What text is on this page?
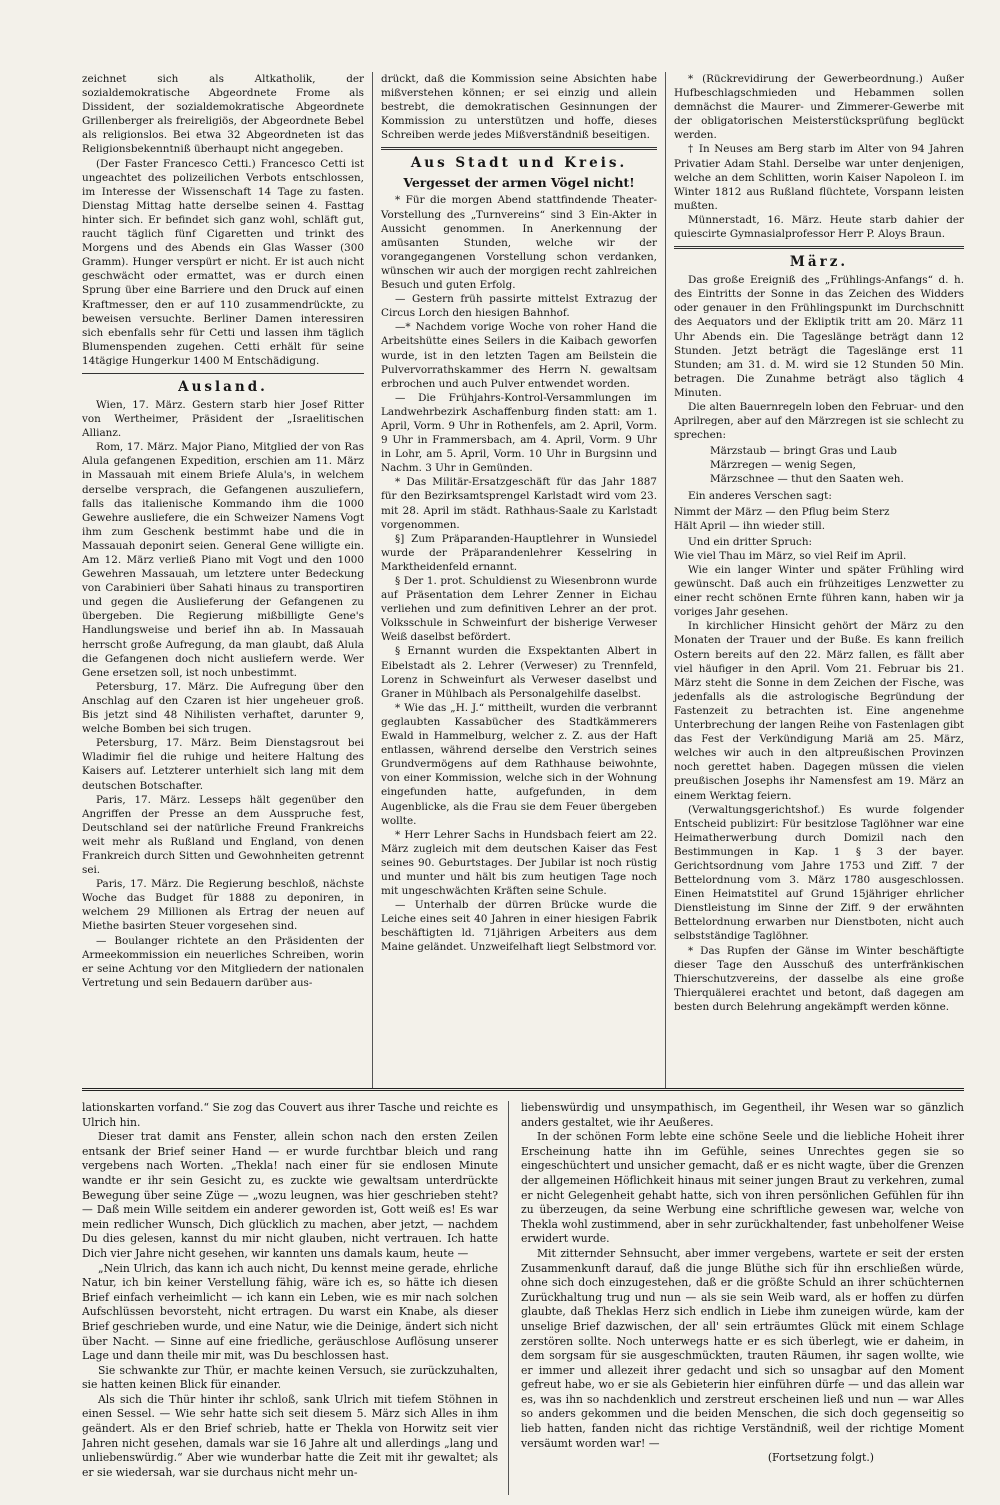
zeichnet sich als Altkatholik, der sozialdemokratische Abgeordnete Frome als Dissident, der sozialdemokratische Abgeordnete Grillenberger als freireligiös, der Abgeordnete Bebel als religionslos. Bei etwa 32 Abgeordneten ist das Religionsbekenntniß überhaupt nicht angegeben.

(Der Faster Francesco Cetti.) Francesco Cetti ist ungeachtet des polizeilichen Verbots entschlossen, im Interesse der Wissenschaft 14 Tage zu fasten. Dienstag Mittag hatte derselbe seinen 4. Fasttag hinter sich. Er befindet sich ganz wohl, schläft gut, raucht täglich fünf Cigaretten und trinkt des Morgens und des Abends ein Glas Wasser (300 Gramm). Hunger verspürt er nicht. Er ist auch nicht geschwächt oder ermattet, was er durch einen Sprung über eine Barriere und den Druck auf einen Kraftmesser, den er auf 110 zusammendrückte, zu beweisen versuchte. Berliner Damen interessiren sich ebenfalls sehr für Cetti und lassen ihm täglich Blumenspenden zugehen. Cetti erhält für seine 14tägige Hungerkur 1400 M Entschädigung.

Ausland.

Wien, 17. März. Gestern starb hier Josef Ritter von Wertheimer, Präsident der „Israelitischen Allianz.

Rom, 17. März. Major Piano, Mitglied der von Ras Alula gefangenen Expedition, erschien am 11. März in Massauah mit einem Briefe Alula's, in welchem derselbe versprach, die Gefangenen auszuliefern, falls das italienische Kommando ihm die 1000 Gewehre ausliefere, die ein Schweizer Namens Vogt ihm zum Geschenk bestimmt habe und die in Massauah deponirt seien. General Gene willigte ein. Am 12. März verließ Piano mit Vogt und den 1000 Gewehren Massauah, um letztere unter Bedeckung von Carabinieri über Sahati hinaus zu transportiren und gegen die Auslieferung der Gefangenen zu übergeben. Die Regierung mißbilligte Gene's Handlungsweise und berief ihn ab. In Massauah herrscht große Aufregung, da man glaubt, daß Alula die Gefangenen doch nicht ausliefern werde. Wer Gene ersetzen soll, ist noch unbestimmt.

Petersburg, 17. März. Die Aufregung über den Anschlag auf den Czaren ist hier ungeheuer groß. Bis jetzt sind 48 Nihilisten verhaftet, darunter 9, welche Bomben bei sich trugen.

Petersburg, 17. März. Beim Dienstagsrout bei Wladimir fiel die ruhige und heitere Haltung des Kaisers auf. Letzterer unterhielt sich lang mit dem deutschen Botschafter.

Paris, 17. März. Lesseps hält gegenüber den Angriffen der Presse an dem Ausspruche fest, Deutschland sei der natürliche Freund Frankreichs weit mehr als Rußland und England, von denen Frankreich durch Sitten und Gewohnheiten getrennt sei.

Paris, 17. März. Die Regierung beschloß, nächste Woche das Budget für 1888 zu deponiren, in welchem 29 Millionen als Ertrag der neuen auf Miethe basirten Steuer vorgesehen sind.

— Boulanger richtete an den Präsidenten der Armeekommission ein neuerliches Schreiben, worin er seine Achtung vor den Mitgliedern der nationalen Vertretung und sein Bedauern darüber aus-

drückt, daß die Kommission seine Absichten habe mißverstehen können; er sei einzig und allein bestrebt, die demokratischen Gesinnungen der Kommission zu unterstützen und hoffe, dieses Schreiben werde jedes Mißverständniß beseitigen.

Aus Stadt und Kreis.
Vergesset der armen Vögel nicht!

* Für die morgen Abend stattfindende Theater-Vorstellung des „Turnvereins“ sind 3 Ein-Akter in Aussicht genommen. In Anerkennung der amüsanten Stunden, welche wir der vorangegangenen Vorstellung schon verdanken, wünschen wir auch der morgigen recht zahlreichen Besuch und guten Erfolg.

— Gestern früh passirte mittelst Extrazug der Circus Lorch den hiesigen Bahnhof.

—* Nachdem vorige Woche von roher Hand die Arbeitshütte eines Seilers in die Kaibach geworfen wurde, ist in den letzten Tagen am Beilstein die Pulvervorrathskammer des Herrn N. gewaltsam erbrochen und auch Pulver entwendet worden.

— Die Frühjahrs-Kontrol-Versammlungen im Landwehrbezirk Aschaffenburg finden statt: am 1. April, Vorm. 9 Uhr in Rothenfels, am 2. April, Vorm. 9 Uhr in Frammersbach, am 4. April, Vorm. 9 Uhr in Lohr, am 5. April, Vorm. 10 Uhr in Burgsinn und Nachm. 3 Uhr in Gemünden.

* Das Militär-Ersatzgeschäft für das Jahr 1887 für den Bezirksamtsprengel Karlstadt wird vom 23. mit 28. April im städt. Rathhaus-Saale zu Karlstadt vorgenommen.

§] Zum Präparanden-Hauptlehrer in Wunsiedel wurde der Präparandenlehrer Kesselring in Marktheidenfeld ernannt.

§ Der 1. prot. Schuldienst zu Wiesenbronn wurde auf Präsentation dem Lehrer Zenner in Eichau verliehen und zum definitiven Lehrer an der prot. Volksschule in Schweinfurt der bisherige Verweser Weiß daselbst befördert.

§ Ernannt wurden die Exspektanten Albert in Eibelstadt als 2. Lehrer (Verweser) zu Trennfeld, Lorenz in Schweinfurt als Verweser daselbst und Graner in Mühlbach als Personalgehilfe daselbst.

* Wie das „H. J.“ mittheilt, wurden die verbrannt geglaubten Kassabücher des Stadtkämmerers Ewald in Hammelburg, welcher z. Z. aus der Haft entlassen, während derselbe den Verstrich seines Grundvermögens auf dem Rathhause beiwohnte, von einer Kommission, welche sich in der Wohnung eingefunden hatte, aufgefunden, in dem Augenblicke, als die Frau sie dem Feuer übergeben wollte.

* Herr Lehrer Sachs in Hundsbach feiert am 22. März zugleich mit dem deutschen Kaiser das Fest seines 90. Geburtstages. Der Jubilar ist noch rüstig und munter und hält bis zum heutigen Tage noch mit ungeschwächten Kräften seine Schule.

— Unterhalb der dürren Brücke wurde die Leiche eines seit 40 Jahren in einer hiesigen Fabrik beschäftigten ld. 71jährigen Arbeiters aus dem Maine geländet. Unzweifelhaft liegt Selbstmord vor.

* (Rückrevidirung der Gewerbeordnung.) Außer Hufbeschlagschmieden und Hebammen sollen demnächst die Maurer- und Zimmerer-Gewerbe mit der obligatorischen Meisterstücksprüfung beglückt werden.

† In Neuses am Berg starb im Alter von 94 Jahren Privatier Adam Stahl. Derselbe war unter denjenigen, welche an dem Schlitten, worin Kaiser Napoleon I. im Winter 1812 aus Rußland flüchtete, Vorspann leisten mußten.

Münnerstadt, 16. März. Heute starb dahier der quiescirte Gymnasialprofessor Herr P. Aloys Braun.

März.

Das große Ereigniß des „Frühlings-Anfangs“ d. h. des Eintritts der Sonne in das Zeichen des Widders oder genauer in den Frühlingspunkt im Durchschnitt des Aequators und der Ekliptik tritt am 20. März 11 Uhr Abends ein. Die Tageslänge beträgt dann 12 Stunden. Jetzt beträgt die Tageslänge erst 11 Stunden; am 31. d. M. wird sie 12 Stunden 50 Min. betragen. Die Zunahme beträgt also täglich 4 Minuten.

Die alten Bauernregeln loben den Februar- und den Aprilregen, aber auf den Märzregen ist sie schlecht zu sprechen:

Märzstaub — bringt Gras und Laub

Märzregen — wenig Segen,

Märzschnee — thut den Saaten weh.

Ein anderes Verschen sagt:

Nimmt der März — den Pflug beim Sterz

Hält April — ihn wieder still.

Und ein dritter Spruch:

Wie viel Thau im März, so viel Reif im April.

Wie ein langer Winter und später Frühling wird gewünscht. Daß auch ein frühzeitiges Lenzwetter zu einer recht schönen Ernte führen kann, haben wir ja voriges Jahr gesehen.

In kirchlicher Hinsicht gehört der März zu den Monaten der Trauer und der Buße. Es kann freilich Ostern bereits auf den 22. März fallen, es fällt aber viel häufiger in den April. Vom 21. Februar bis 21. März steht die Sonne in dem Zeichen der Fische, was jedenfalls als die astrologische Begründung der Fastenzeit zu betrachten ist. Eine angenehme Unterbrechung der langen Reihe von Fastenlagen gibt das Fest der Verkündigung Mariä am 25. März, welches wir auch in den altpreußischen Provinzen noch gerettet haben. Dagegen müssen die vielen preußischen Josephs ihr Namensfest am 19. März an einem Werktag feiern.

(Verwaltungsgerichtshof.) Es wurde folgender Entscheid publizirt: Für besitzlose Taglöhner war eine Heimatherwerbung durch Domizil nach den Bestimmungen in Kap. 1 § 3 der bayer. Gerichtsordnung vom Jahre 1753 und Ziff. 7 der Bettelordnung vom 3. März 1780 ausgeschlossen. Einen Heimatstitel auf Grund 15jähriger ehrlicher Dienstleistung im Sinne der Ziff. 9 der erwähnten Bettelordnung erwarben nur Dienstboten, nicht auch selbstständige Taglöhner.

* Das Rupfen der Gänse im Winter beschäftigte dieser Tage den Ausschuß des unterfränkischen Thierschutzvereins, der dasselbe als eine große Thierquälerei erachtet und betont, daß dagegen am besten durch Belehrung angekämpft werden könne.

lationskarten vorfand.“ Sie zog das Couvert aus ihrer Tasche und reichte es Ulrich hin.

Dieser trat damit ans Fenster, allein schon nach den ersten Zeilen entsank der Brief seiner Hand — er wurde furchtbar bleich und rang vergebens nach Worten. „Thekla! nach einer für sie endlosen Minute wandte er ihr sein Gesicht zu, es zuckte wie gewaltsam unterdrückte Bewegung über seine Züge — „wozu leugnen, was hier geschrieben steht? — Daß mein Wille seitdem ein anderer geworden ist, Gott weiß es! Es war mein redlicher Wunsch, Dich glücklich zu machen, aber jetzt, — nachdem Du dies gelesen, kannst du mir nicht glauben, nicht vertrauen. Ich hatte Dich vier Jahre nicht gesehen, wir kannten uns damals kaum, heute —

„Nein Ulrich, das kann ich auch nicht, Du kennst meine gerade, ehrliche Natur, ich bin keiner Verstellung fähig, wäre ich es, so hätte ich diesen Brief einfach verheimlicht — ich kann ein Leben, wie es mir nach solchen Aufschlüssen bevorsteht, nicht ertragen. Du warst ein Knabe, als dieser Brief geschrieben wurde, und eine Natur, wie die Deinige, ändert sich nicht über Nacht. — Sinne auf eine friedliche, geräuschlose Auflösung unserer Lage und dann theile mir mit, was Du beschlossen hast.

Sie schwankte zur Thür, er machte keinen Versuch, sie zurückzuhalten, sie hatten keinen Blick für einander.

Als sich die Thür hinter ihr schloß, sank Ulrich mit tiefem Stöhnen in einen Sessel. — Wie sehr hatte sich seit diesem 5. März sich Alles in ihm geändert. Als er den Brief schrieb, hatte er Thekla von Horwitz seit vier Jahren nicht gesehen, damals war sie 16 Jahre alt und allerdings „lang und unliebenswürdig.“ Aber wie wunderbar hatte die Zeit mit ihr gewaltet; als er sie wiedersah, war sie durchaus nicht mehr un-

liebenswürdig und unsympathisch, im Gegentheil, ihr Wesen war so gänzlich anders gestaltet, wie ihr Aeußeres.

In der schönen Form lebte eine schöne Seele und die liebliche Hoheit ihrer Erscheinung hatte ihn im Gefühle, seines Unrechtes gegen sie so eingeschüchtert und unsicher gemacht, daß er es nicht wagte, über die Grenzen der allgemeinen Höflichkeit hinaus mit seiner jungen Braut zu verkehren, zumal er nicht Gelegenheit gehabt hatte, sich von ihren persönlichen Gefühlen für ihn zu überzeugen, da seine Werbung eine schriftliche gewesen war, welche von Thekla wohl zustimmend, aber in sehr zurückhaltender, fast unbeholfener Weise erwidert wurde.

Mit zitternder Sehnsucht, aber immer vergebens, wartete er seit der ersten Zusammenkunft darauf, daß die junge Blüthe sich für ihn erschließen würde, ohne sich doch einzugestehen, daß er die größte Schuld an ihrer schüchternen Zurückhaltung trug und nun — als sie sein Weib ward, als er hoffen zu dürfen glaubte, daß Theklas Herz sich endlich in Liebe ihm zuneigen würde, kam der unselige Brief dazwischen, der all' sein erträumtes Glück mit einem Schlage zerstören sollte. Noch unterwegs hatte er es sich überlegt, wie er daheim, in dem sorgsam für sie ausgeschmückten, trauten Räumen, ihr sagen wollte, wie er immer und allezeit ihrer gedacht und sich so unsagbar auf den Moment gefreut habe, wo er sie als Gebieterin hier einführen dürfe — und das allein war es, was ihn so nachdenklich und zerstreut erscheinen ließ und nun — war Alles so anders gekommen und die beiden Menschen, die sich doch gegenseitig so lieb hatten, fanden nicht das richtige Verständniß, weil der richtige Moment versäumt worden war! —

(Fortsetzung folgt.)
